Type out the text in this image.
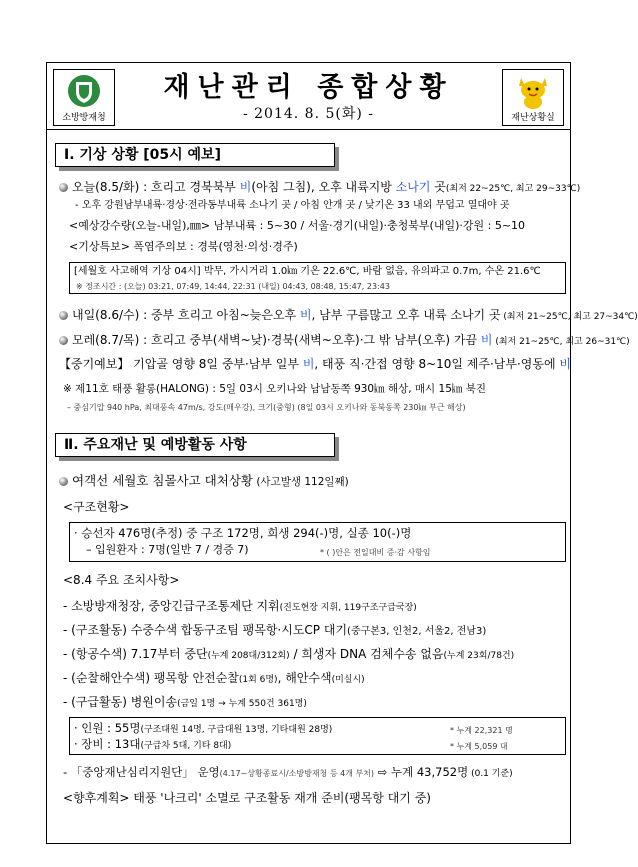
소방방재청
재난관리 종합상황
- 2014. 8. 5(화) -	재난상황실
Ⅰ. 기상 상황 [05시 예보]
오늘(8.5/화) : 흐리고 경북북부 비(아침 그침), 오후 내륙지방 소나기 곳(최저 22~25℃, 최고 29~33℃)
- 오후 강원남부내륙·경상·전라동부내륙 소나기 곳 / 아침 안개 곳 / 낮기온 33 내외 무덥고 열대야 곳
<예상강수량(오늘-내일),㎜> 남부내륙 : 5~30 / 서울·경기(내일)·충청북부(내일)·강원 : 5~10
<기상특보> 폭염주의보 : 경북(영천·의성·경주)
[세월호 사고해역 기상 04시] 박무, 가시거리 1.0㎞ 기온 22.6℃, 바람 없음, 유의파고 0.7m, 수온 21.6℃
※ 정조시간 : (오늘) 03:21, 07:49, 14:44, 22:31 (내일) 04:43, 08:48, 15:47, 23:43
내일(8.6/수) : 중부 흐리고 아침~늦은오후 비, 남부 구름많고 오후 내륙 소나기 곳 (최저 21~25℃, 최고 27~34℃)
모레(8.7/목) : 흐리고 중부(새벽~낮)·경북(새벽~오후)·그 밖 남부(오후) 가끔 비 (최저 21~25℃, 최고 26~31℃)
【중기예보】 기압골 영향 8일 중부·남부 일부 비, 태풍 직·간접 영향 8~10일 제주·남부·영동에 비
※ 제11호 태풍 활롱(HALONG) : 5일 03시 오키나와 남남동쪽 930㎞ 해상, 매시 15㎞ 북진
– 중심기압 940 hPa, 최대풍속 47m/s, 강도(매우강), 크기(중형) (8일 03시 오키나와 동북동쪽 230㎞ 부근 해상)
Ⅱ. 주요재난 및 예방활동 사항
여객선 세월호 침몰사고 대처상황 (사고발생 112일째)
<구조현황>
· 승선자 476명(추정) 중 구조 172명, 희생 294(-)명, 실종 10(-)명
– 입원환자 : 7명(일반 7 / 경증 7)	* ( )안은 전일대비 증·감 사항임
<8.4 주요 조치사항>
- 소방방재청장, 중앙긴급구조통제단 지휘(진도현장 지휘, 119구조구급국장)
- (구조활동) 수중수색 합동구조팀 팽목항·시도CP 대기(중구본3, 인천2, 서울2, 전남3)
- (항공수색) 7.17부터 중단(누계 208대/312회) / 희생자 DNA 검체수송 없음(누계 23회/78건)
- (순찰해안수색) 팽목항 안전순찰(1회 6명), 해안수색(미실시)
- (구급활동) 병원이송(금일 1명 → 누계 550건 361명)
· 인원 : 55명(구조대원 14명, 구급대원 13명, 기타대원 28명)	* 누계 22,321 명
· 장비 : 13대(구급차 5대, 기타 8대)	* 누계 5,059 대
- 「중앙재난심리지원단」 운영(4.17~상황종료시/소방방재청 등 4개 부처) ⇨ 누계 43,752명 (0.1 기준)
<향후계획> 태풍 '나크리' 소멸로 구조활동 재개 준비(팽목항 대기 중)
